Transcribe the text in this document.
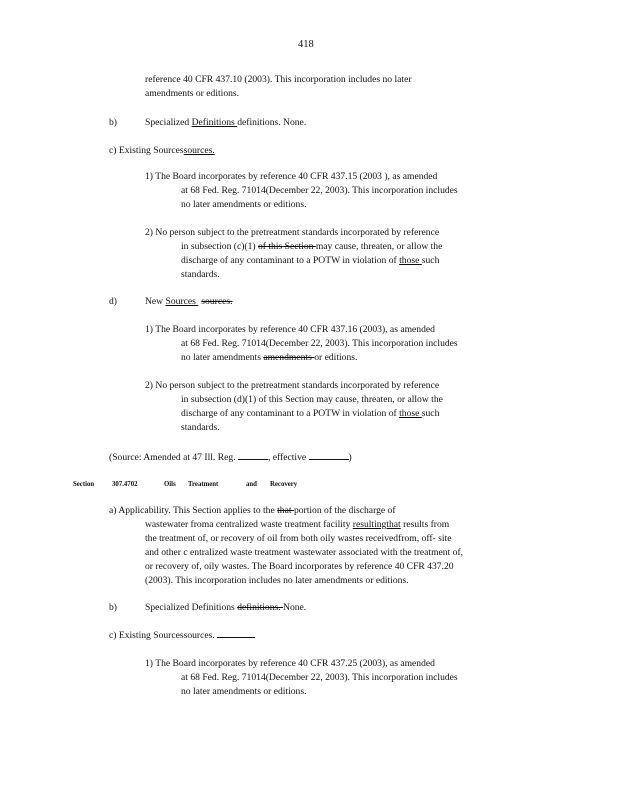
418
reference 40 CFR 437.10 (2003). This incorporation includes no later
amendments or editions.
b)	Specialized Definitions definitions. None.
c) Existing Sourcessources.
1) The Board incorporates by reference 40 CFR 437.15 (2003 ), as amended
at 68 Fed. Reg. 71014(December 22, 2003). This incorporation includes
no later amendments or editions.
2) No person subject to the pretreatment standards incorporated by reference
in subsection (c)(1) of this Section may cause, threaten, or allow the
discharge of any contaminant to a POTW in violation of those such
standards.
d)	New Sources sources.
1) The Board incorporates by reference 40 CFR 437.16 (2003), as amended
at 68 Fed. Reg. 71014(December 22, 2003). This incorporation includes
no later amendments amendments or editions.
2) No person subject to the pretreatment standards incorporated by reference
in subsection (d)(1) of this Section may cause, threaten, or allow the
discharge of any contaminant to a POTW in violation of those such
standards.
(Source: Amended at 47 Ill. Reg.	, effective	)
Section	307.4702	Oils Treatment	and Recovery
a) Applicability. This Section applies to the that portion of the discharge of
wastewater froma centralized waste treatment facility resultingthat results from
the treatment of, or recovery of oil from both oily wastes receivedfrom, off- site
and other c entralized waste treatment wastewater associated with the treatment of,
or recovery of, oily wastes. The Board incorporates by reference 40 CFR 437.20
(2003). This incorporation includes no later amendments or editions.
b)	Specialized Definitions definitions. None.
c) Existing Sourcessources.
1) The Board incorporates by reference 40 CFR 437.25 (2003), as amended
at 68 Fed. Reg. 71014(December 22, 2003). This incorporation includes
no later amendments or editions.
